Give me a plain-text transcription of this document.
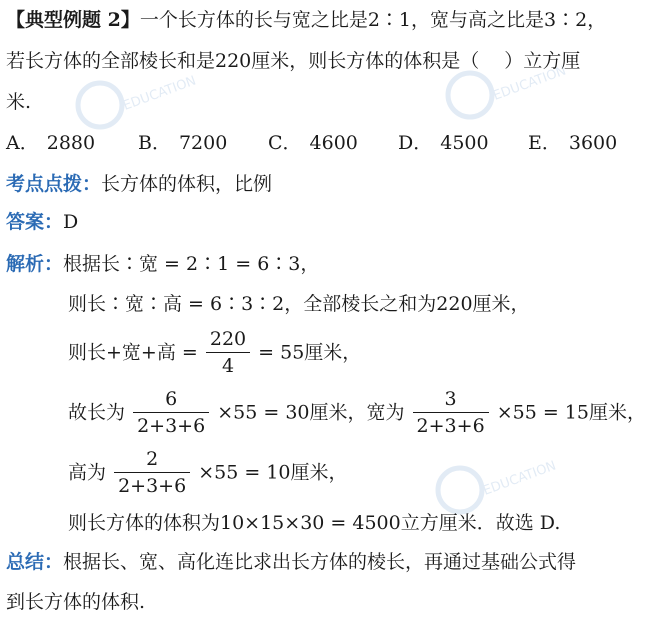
EDUCATION	EDUCATION
EDUCATION
【典型例题 2】一个长方体的长与宽之比是2∶1，宽与高之比是3∶2，
若长方体的全部棱长和是220厘米，则长方体的体积是（　 ）立方厘
米.
A． 2880 B． 7200 C． 4600 D． 4500 E． 3600
考点点拨：长方体的体积，比例
答案：D
解析：根据长∶宽 = 2∶1 = 6∶3，
则长∶宽∶高 = 6∶3∶2，全部棱长之和为220厘米，
则长+宽+高 = $\frac{220}{4} = 55$厘米，
故长为 $\frac{6}{2+3+6} \times 55 = 30$厘米，宽为 $\frac{3}{2+3+6} \times 55 = 15$厘米，
高为 $\frac{2}{2+3+6} \times 55 = 10$厘米，
则长方体的体积为10×15×30 = 4500立方厘米．故选 D.
总结：根据长、宽、高化连比求出长方体的棱长，再通过基础公式得
到长方体的体积.
